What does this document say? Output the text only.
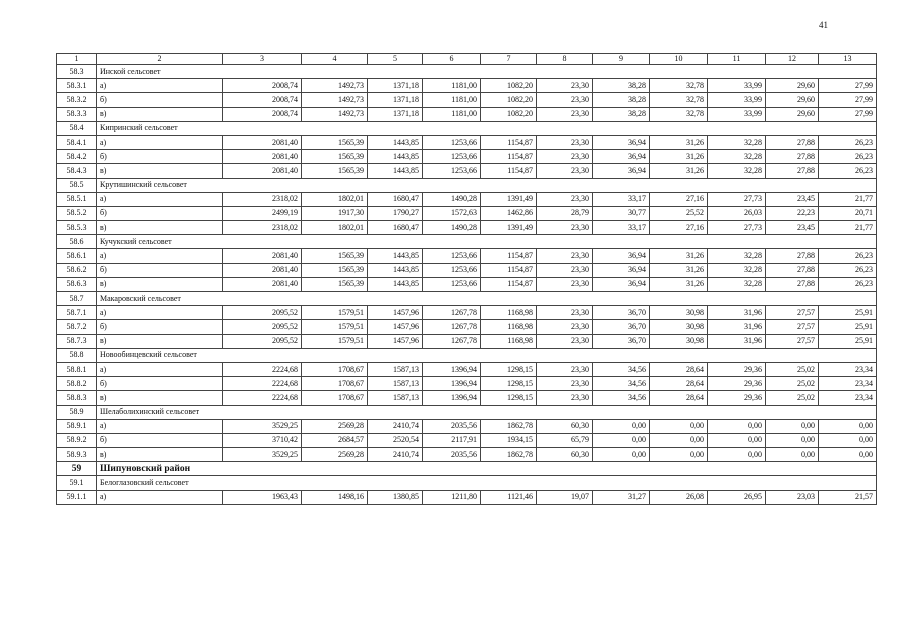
41
1	2	3	4	5	6	7	8	9	10	11	12	13
58.3	Инской сельсовет											
58.3.1	а)	2008,74	1492,73	1371,18	1181,00	1082,20	23,30	38,28	32,78	33,99	29,60	27,99
58.3.2	б)	2008,74	1492,73	1371,18	1181,00	1082,20	23,30	38,28	32,78	33,99	29,60	27,99
58.3.3	в)	2008,74	1492,73	1371,18	1181,00	1082,20	23,30	38,28	32,78	33,99	29,60	27,99
58.4	Кипринский сельсовет											
58.4.1	а)	2081,40	1565,39	1443,85	1253,66	1154,87	23,30	36,94	31,26	32,28	27,88	26,23
58.4.2	б)	2081,40	1565,39	1443,85	1253,66	1154,87	23,30	36,94	31,26	32,28	27,88	26,23
58.4.3	в)	2081,40	1565,39	1443,85	1253,66	1154,87	23,30	36,94	31,26	32,28	27,88	26,23
58.5	Крутишинский сельсовет											
58.5.1	а)	2318,02	1802,01	1680,47	1490,28	1391,49	23,30	33,17	27,16	27,73	23,45	21,77
58.5.2	б)	2499,19	1917,30	1790,27	1572,63	1462,86	28,79	30,77	25,52	26,03	22,23	20,71
58.5.3	в)	2318,02	1802,01	1680,47	1490,28	1391,49	23,30	33,17	27,16	27,73	23,45	21,77
58.6	Кучукский сельсовет											
58.6.1	а)	2081,40	1565,39	1443,85	1253,66	1154,87	23,30	36,94	31,26	32,28	27,88	26,23
58.6.2	б)	2081,40	1565,39	1443,85	1253,66	1154,87	23,30	36,94	31,26	32,28	27,88	26,23
58.6.3	в)	2081,40	1565,39	1443,85	1253,66	1154,87	23,30	36,94	31,26	32,28	27,88	26,23
58.7	Макаровский сельсовет											
58.7.1	а)	2095,52	1579,51	1457,96	1267,78	1168,98	23,30	36,70	30,98	31,96	27,57	25,91
58.7.2	б)	2095,52	1579,51	1457,96	1267,78	1168,98	23,30	36,70	30,98	31,96	27,57	25,91
58.7.3	в)	2095,52	1579,51	1457,96	1267,78	1168,98	23,30	36,70	30,98	31,96	27,57	25,91
58.8	Новообинцевский сельсовет											
58.8.1	а)	2224,68	1708,67	1587,13	1396,94	1298,15	23,30	34,56	28,64	29,36	25,02	23,34
58.8.2	б)	2224,68	1708,67	1587,13	1396,94	1298,15	23,30	34,56	28,64	29,36	25,02	23,34
58.8.3	в)	2224,68	1708,67	1587,13	1396,94	1298,15	23,30	34,56	28,64	29,36	25,02	23,34
58.9	Шелаболихинский сельсовет											
58.9.1	а)	3529,25	2569,28	2410,74	2035,56	1862,78	60,30	0,00	0,00	0,00	0,00	0,00
58.9.2	б)	3710,42	2684,57	2520,54	2117,91	1934,15	65,79	0,00	0,00	0,00	0,00	0,00
58.9.3	в)	3529,25	2569,28	2410,74	2035,56	1862,78	60,30	0,00	0,00	0,00	0,00	0,00
59	Шипуновский район											
59.1	Белоглазовский сельсовет											
59.1.1	а)	1963,43	1498,16	1380,85	1211,80	1121,46	19,07	31,27	26,08	26,95	23,03	21,57
